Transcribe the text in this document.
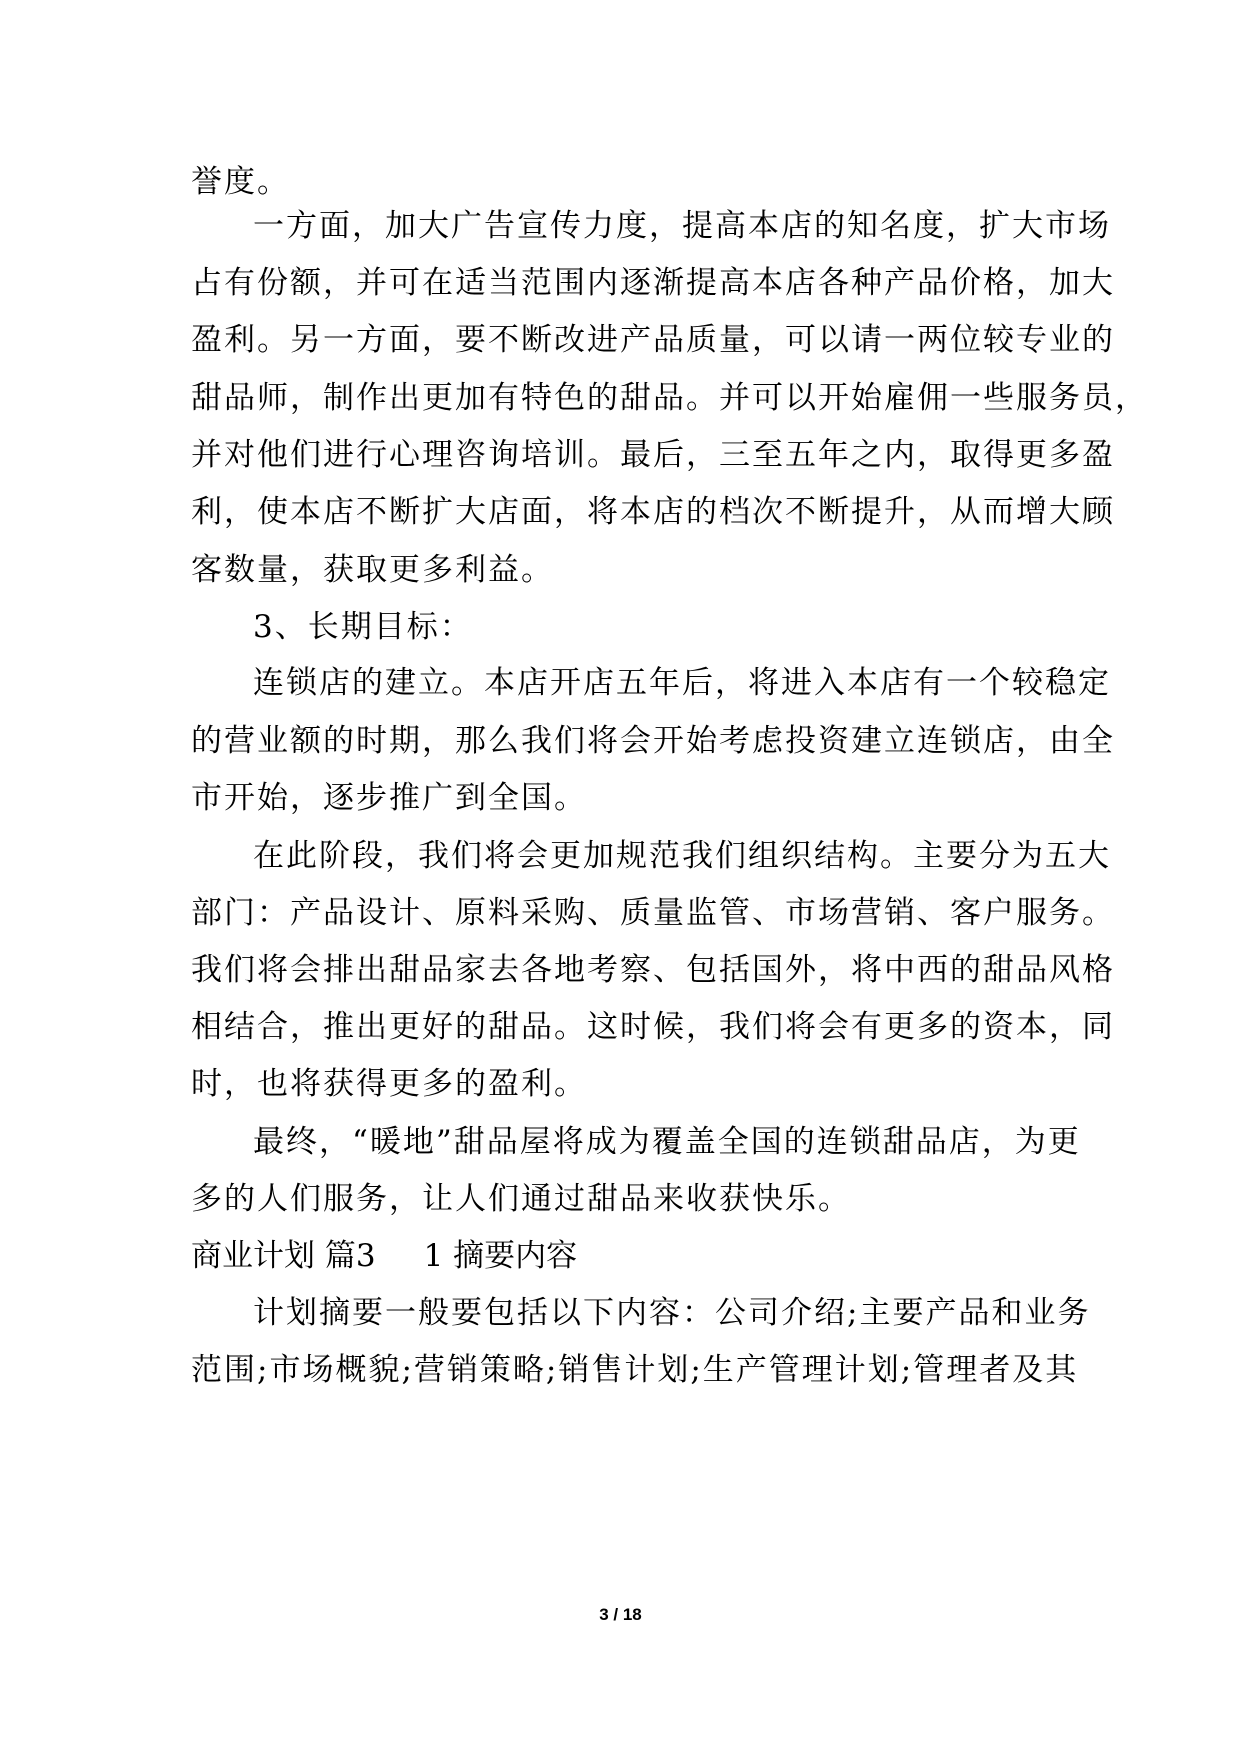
誉度。
一方面，加大广告宣传力度，提高本店的知名度，扩大市场
占有份额，并可在适当范围内逐渐提高本店各种产品价格，加大
盈利。另一方面，要不断改进产品质量，可以请一两位较专业的
甜品师，制作出更加有特色的甜品。并可以开始雇佣一些服务员，
并对他们进行心理咨询培训。最后，三至五年之内，取得更多盈
利，使本店不断扩大店面，将本店的档次不断提升，从而增大顾
客数量，获取更多利益。
3、长期目标：
连锁店的建立。本店开店五年后，将进入本店有一个较稳定
的营业额的时期，那么我们将会开始考虑投资建立连锁店，由全
市开始，逐步推广到全国。
在此阶段，我们将会更加规范我们组织结构。主要分为五大
部门：产品设计、原料采购、质量监管、市场营销、客户服务。
我们将会排出甜品家去各地考察、包括国外，将中西的甜品风格
相结合，推出更好的甜品。这时候，我们将会有更多的资本，同
时，也将获得更多的盈利。
最终，“暖地”甜品屋将成为覆盖全国的连锁甜品店，为更
多的人们服务，让人们通过甜品来收获快乐。
商业计划 篇3 1 摘要内容
计划摘要一般要包括以下内容：公司介绍;主要产品和业务
范围;市场概貌;营销策略;销售计划;生产管理计划;管理者及其
3 / 18
